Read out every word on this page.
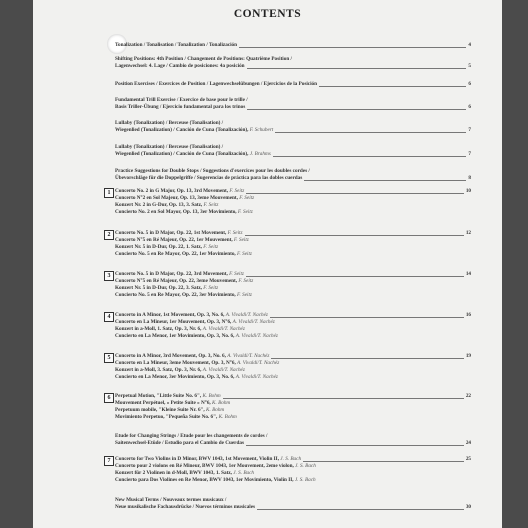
CONTENTS
Tonalization / Tonalisation / Tonalization / Tonalización	4
Shifting Positions: 4th Position / Changement de Positions: Quatrième Position /
Lagenwechsel: 4. Lage / Cambio de posiciones: 4a posición	5
Position Exercises / Exercices de Position / Lagenwechselübungen / Ejercicios de la Posición	6
Fundamental Trill Exercise / Exercice de base pour le trille /
Basis Triller-Übung / Ejercicio fundamental para los trinos	6
Lullaby (Tonalization) / Berceuse (Tonalisation) /
Wiegenlied (Tonalization) / Canción de Cuna (Tonalización), F. Schubert	7
Lullaby (Tonalization) / Berceuse (Tonalisation) /
Wiegenlied (Tonalization) / Canción de Cuna (Tonalización), J. Brahms	7
Practice Suggestions for Double Stops / Suggestions d'exercices pour les doubles cordes /
Übevorschläge für die Doppelgriffe / Sugerencias de práctica para las dobles cuerdas	8
1 Concerto No. 2 in G Major, Op. 13, 3rd Movement, F. Seitz	10
Concerto N°2 en Sol Majeur, Op. 13, 3eme Mouvement, F. Seitz
Konzert Nr. 2 in G-Dur, Op. 13, 3. Satz, F. Seitz
Concierto No. 2 en Sol Mayor, Op. 13, 3er Movimiento, F. Seitz
2 Concerto No. 5 in D Major, Op. 22, 1st Movement, F. Seitz	12
Concerto N°5 en Ré Majeur, Op. 22, 1er Mouvement, F. Seitz
Konzert Nr. 5 in D-Dur, Op. 22, 1. Satz, F. Seitz
Concierto No. 5 en Re Mayor, Op. 22, 1er Movimiento, F. Seitz
3 Concerto No. 5 in D Major, Op. 22, 3rd Movement, F. Seitz	14
Concerto N°5 en Ré Majeur, Op. 22, 3eme Mouvement, F. Seitz
Konzert Nr. 5 in D-Dur, Op. 22, 3. Satz, F. Seitz
Concierto No. 5 en Re Mayor, Op. 22, 3er Movimiento, F. Seitz
4 Concerto in A Minor, 1st Movement, Op. 3, No. 6, A. Vivaldi/T. Nachéz	16
Concerto en La Mineur, 1er Mouvement, Op. 3, N°6, A. Vivaldi/T. Nachéz
Konzert in a-Moll, 1. Satz, Op. 3, Nr. 6, A. Vivaldi/T. Nachéz
Concierto en La Menor, 1er Movimiento, Op. 3, No. 6, A. Vivaldi/T. Nachéz
5 Concerto in A Minor, 3rd Movement, Op. 3, No. 6, A. Vivaldi/T. Nachéz	19
Concerto en La Mineur, 3eme Mouvement, Op. 3, N°6, A. Vivaldi/T. Nachéz
Konzert in a-Moll, 3. Satz, Op. 3, Nr. 6, A. Vivaldi/T. Nachéz
Concierto en La Menor, 3er Movimiento, Op. 3, No. 6, A. Vivaldi/T. Nachéz
6 Perpetual Motion, "Little Suite No. 6", K. Bohm	22
Mouvement Perpétuel, « Petite Suite » N°6, K. Bohm
Perpetuum mobile, "Kleine Suite Nr. 6", K. Bohm
Movimiento Perpetuo, "Pequeña Suite No. 6", K. Bohm
Etude for Changing Strings / Etude pour les changements de cordes /
Saitenwechsel-Etüde / Estudio para el Cambio de Cuerdas	24
7 Concerto for Two Violins in D Minor, BWV 1043, 1st Movement, Violin II, J. S. Bach	25
Concerto pour 2 violons en Ré Mineur, BWV 1043, 1er Mouvement, 2eme violon, J. S. Bach
Konzert für 2 Violinen in d-Moll, BWV 1043, 1. Satz, J. S. Bach
Concierto para Dos Violines en Re Menor, BWV 1043, 1er Movimiento, Violín II, J. S. Bach
New Musical Terms / Nouveaux termes musicaux /
Neue musikalische Fachausdrücke / Nuevos términos musicales	30
